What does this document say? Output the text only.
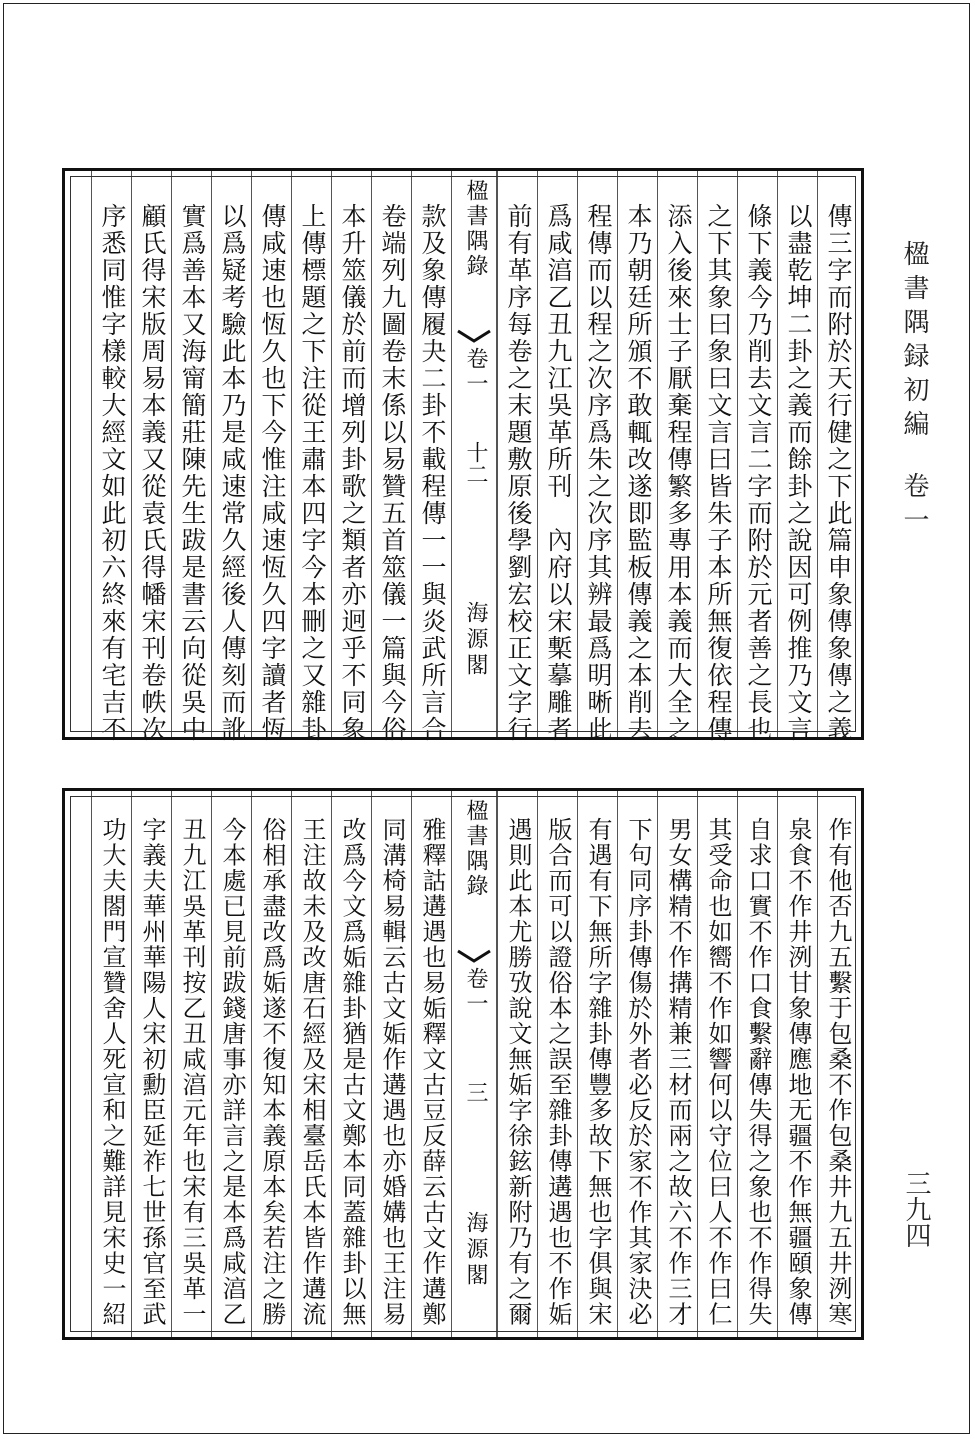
楹書隅録初編卷一
三九四
傳三字而附於天行健之下此篇申象傳象傳之義
以盡乾坤二卦之義而餘卦之說因可例推乃文言
條下義今乃削去文言二字而附於元者善之長也
之下其象曰象曰文言曰皆朱子本所無復依程傳
添入後來士子厭棄程傳繁多專用本義而大全之
本乃朝廷所頒不敢輒改遂即監板傳義之本削去
程傳而以程之次序爲朱之次序其辨最爲明晰此
爲咸湻乙丑九江吳革所刊　內府以宋槧摹雕者
前有革序每卷之末題敷原後學劉宏校正文字行
楹書隅錄
卷一
十二
海源閣
款及象傳履夬二卦不載程傳一一與炎武所言合
卷端列九圖卷末係以易贊五首筮儀一篇與今俗
本升筮儀於前而增列卦歌之類者亦迥乎不同象
上傳標題之下注從王肅本四字今本刪之又雜卦
傳咸速也恆久也下今惟注咸速恆久四字讀者恆
以爲疑考驗此本乃是咸速常久經後人傳刻而訛
實爲善本又海甯簡莊陳先生跋是書云向從吳中
顧氏得宋版周易本義又從袁氏得幡宋刊卷帙次
序悉同惟字樣較大經文如此初六終來有宅吉不
作有他否九五繫于包桑不作包桑井九五井洌寒
泉食不作井洌甘象傳應地无疆不作無疆頤象傳
自求口實不作口食繫辭傳失得之象也不作得失
其受命也如嚮不作如響何以守位曰人不作曰仁
男女構精不作搆精兼三材而兩之故六不作三才
下句同序卦傳傷於外者必反於家不作其家決必
有遇有下無所字雜卦傳豐多故下無也字俱與宋
版合而可以證俗本之誤至雜卦傳遘遇也不作姤
遇則此本尤勝攷說文無姤字徐鉉新附乃有之爾
楹書隅錄
卷一
三
海源閣
雅釋詁遘遇也易姤釋文古豆反薛云古文作遘鄭
同溝椅易輯云古文姤作遘遇也亦婚媾也王注易
改爲今文爲姤雜卦猶是古文鄭本同蓋雜卦以無
王注故未及改唐石經及宋相臺岳氏本皆作遘流
俗相承盡改爲姤遂不復知本義原本矣若注之勝
今本處已見前跋錢唐事亦詳言之是本爲咸湻乙
丑九江吳革刊按乙丑咸湻元年也宋有三吳革一
字義夫華州華陽人宋初勳臣延祚七世孫官至武
功大夫閤門宣贊舍人死宣和之難詳見宋史一紹
